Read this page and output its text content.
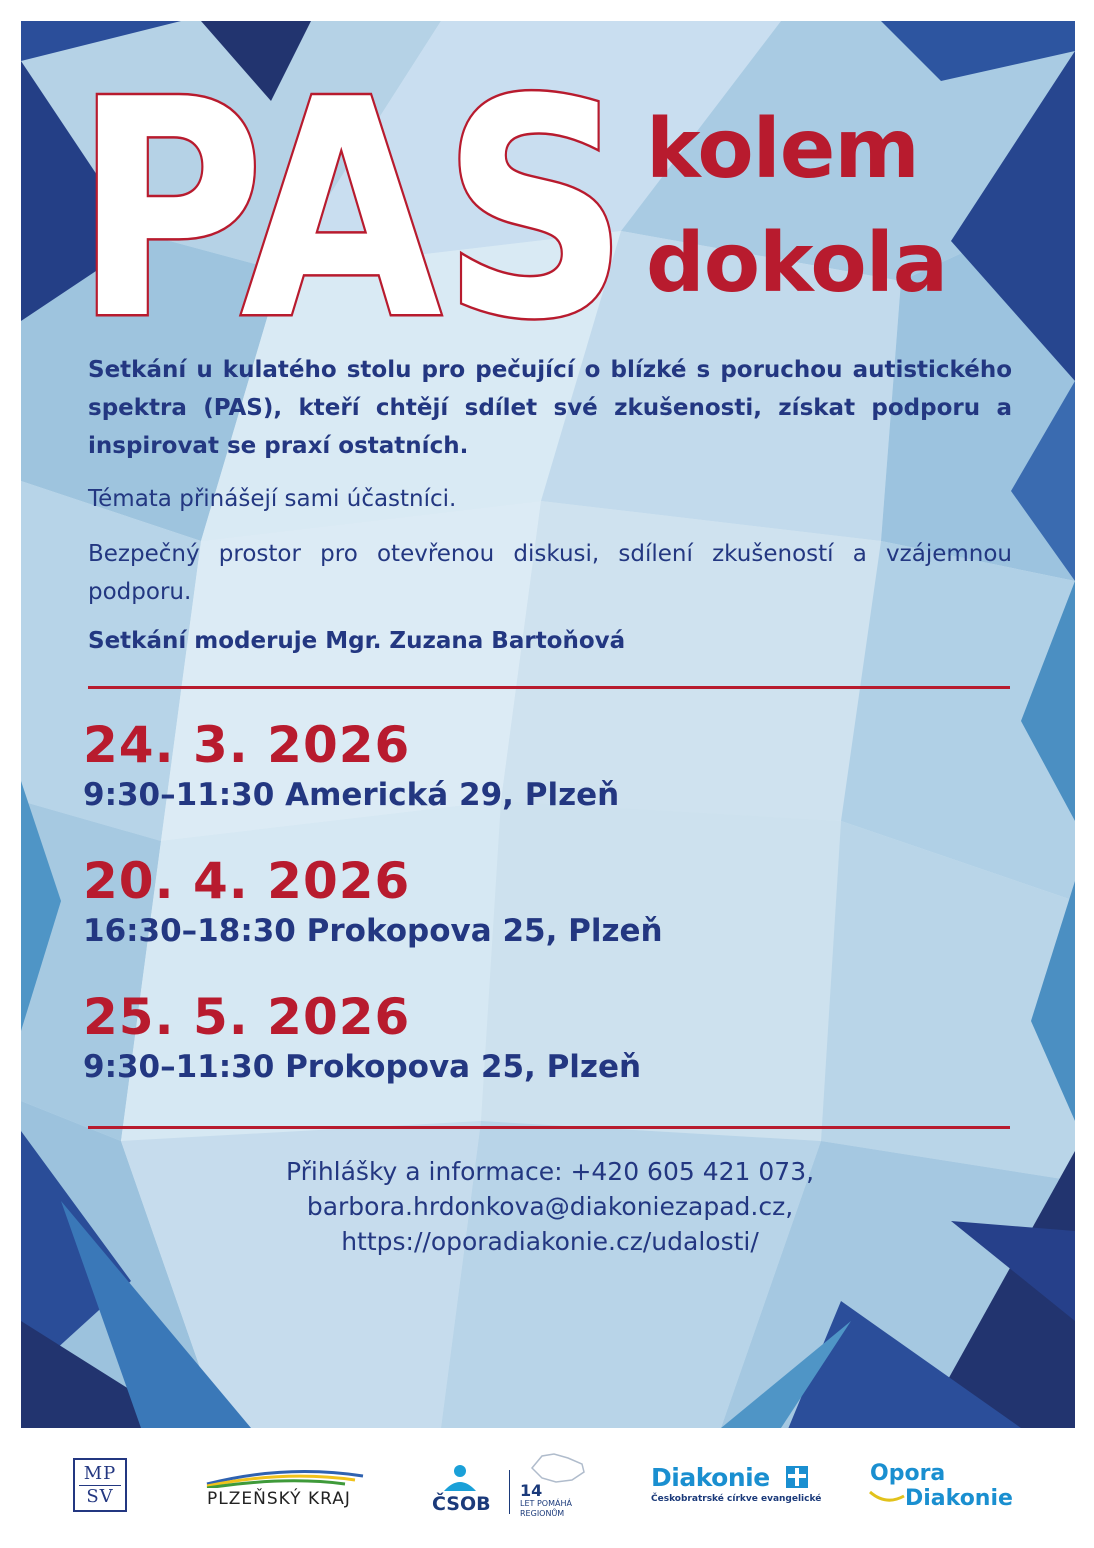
PAS kolem
dokola
Setkání u kulatého stolu pro pečující o blízké s poruchou autistického spektra (PAS), kteří chtějí sdílet své zkušenosti, získat podporu a inspirovat se praxí ostatních.
Témata přinášejí sami účastníci.
Bezpečný prostor pro otevřenou diskusi, sdílení zkušeností a vzájemnou podporu.
Setkání moderuje Mgr. Zuzana Bartoňová
24. 3. 2026
9:30–11:30 Americká 29, Plzeň
20. 4. 2026
16:30–18:30 Prokopova 25, Plzeň
25. 5. 2026
9:30–11:30 Prokopova 25, Plzeň
Přihlášky a informace: +420 605 421 073,
barbora.hrdonkova@diakoniezapad.cz,
https://oporadiakonie.cz/udalosti/
MP
SV	PLZEŇSKÝ KRAJ	ČSOB
14
LET POMÁHÁ REGIONŮM
Diakonie
Českobratrské církve evangelické
Opora
Diakonie
